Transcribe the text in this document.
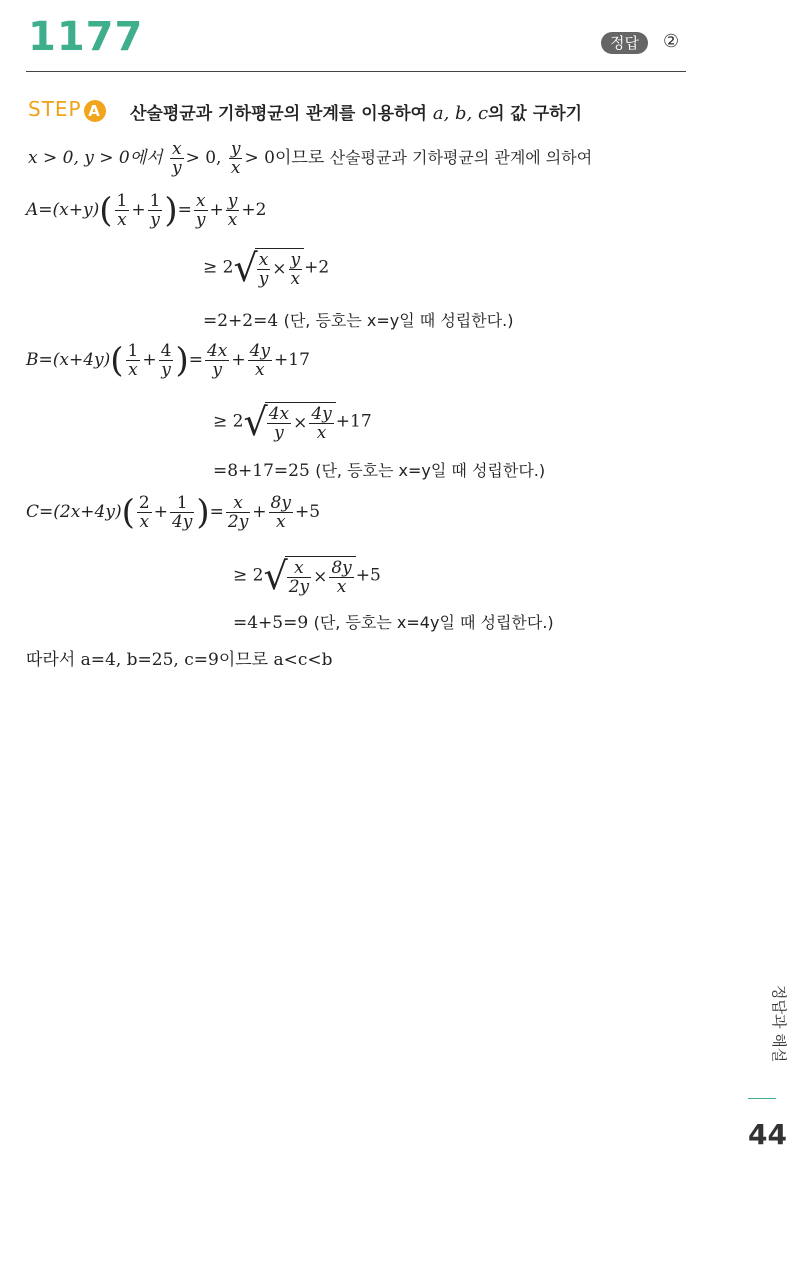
1177	정답	②
STEP A 산술평균과 기하평균의 관계를 이용하여 a, b, c의 값 구하기
x > 0, y > 0에서 $\frac{x}{y} > 0$, $\frac{y}{x} > 0$이므로 산술평균과 기하평균의 관계에 의하여
$A=(x+y)( \frac{1}{x} + \frac{1}{y}$ )= $\frac{x}{y} + \frac{y}{x} +2$
≥ $2√ \frac{x}{y} \times \frac{y}{x} +2$
=2+2=4 (단, 등호는 x=y일 때 성립한다.)
$B=(x+4y)( \frac{1}{x} + \frac{4}{y}$ )= $\frac{4x}{y} + \frac{4y}{x} +17$
≥ $2√ \frac{4x}{y} \times \frac{4y}{x} +17$
=8+17=25 (단, 등호는 x=y일 때 성립한다.)
$C=(2x+4y)( \frac{2}{x} + \frac{1}{4y}$ )= $\frac{x}{2y} + \frac{8y}{x} +5$
≥ $2√ \frac{x}{2y} \times \frac{8y}{x} +5$
=4+5=9 (단, 등호는 x=4y일 때 성립한다.)
따라서 a=4, b=25, c=9이므로 a<c<b
정답과 해설
44
